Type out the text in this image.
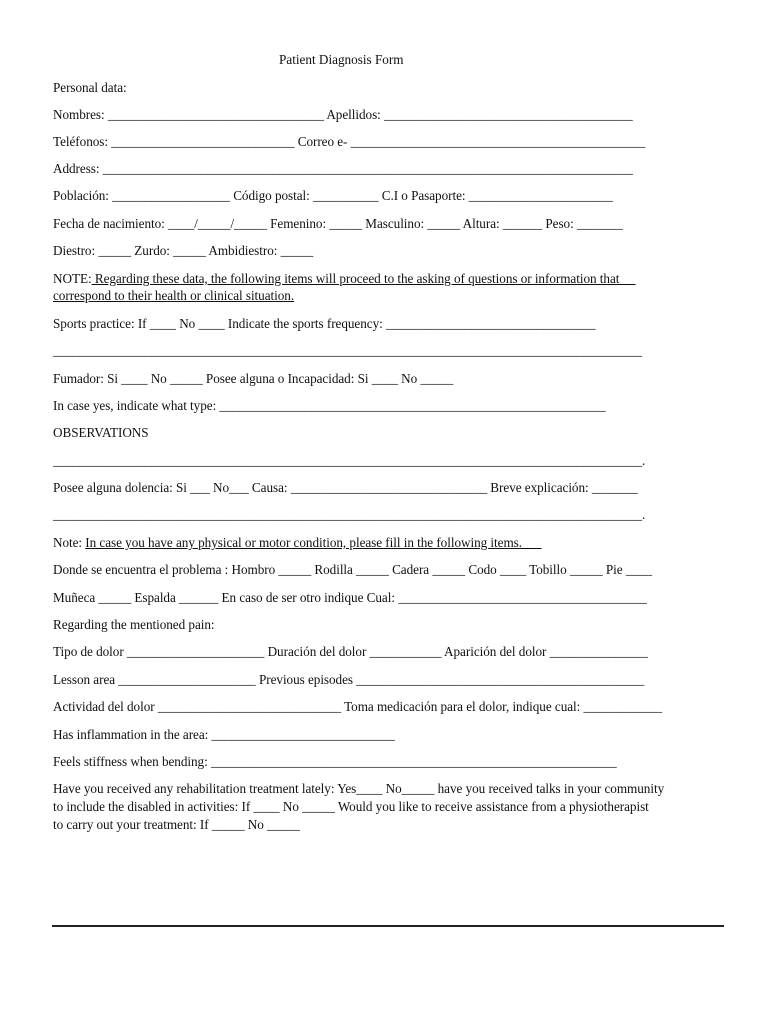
Patient Diagnosis Form
Personal data:
Nombres: _________________________________ Apellidos: ______________________________________
Teléfonos: ____________________________ Correo e- _____________________________________________
Address: _________________________________________________________________________________
Población: __________________ Código postal: __________ C.I o Pasaporte: ______________________
Fecha de nacimiento: ____/_____/_____ Femenino: _____ Masculino: _____ Altura: ______ Peso: _______
Diestro: _____ Zurdo: _____ Ambidiestro: _____
NOTE: Regarding these data, the following items will proceed to the asking of questions or information that
correspond to their health or clinical situation.
Sports practice: If ____ No ____ Indicate the sports frequency: ________________________________
__________________________________________________________________________________________
Fumador: Si ____ No _____ Posee alguna o Incapacidad: Si ____ No _____
In case yes, indicate what type: ___________________________________________________________
OBSERVATIONS
__________________________________________________________________________________________.
Posee alguna dolencia: Si ___ No___ Causa: ______________________________ Breve explicación: _______
__________________________________________________________________________________________.
Note: In case you have any physical or motor condition, please fill in the following items.
Donde se encuentra el problema : Hombro _____ Rodilla _____ Cadera _____ Codo ____ Tobillo _____ Pie ____
Muñeca _____ Espalda ______ En caso de ser otro indique Cual: ______________________________________
Regarding the mentioned pain:
Tipo de dolor _____________________ Duración del dolor ___________ Aparición del dolor _______________
Lesson area _____________________ Previous episodes ____________________________________________
Actividad del dolor ____________________________ Toma medicación para el dolor, indique cual: ____________
Has inflammation in the area: ____________________________
Feels stiffness when bending: ______________________________________________________________
Have you received any rehabilitation treatment lately: Yes____ No_____ have you received talks in your community
to include the disabled in activities: If ____ No _____ Would you like to receive assistance from a physiotherapist
to carry out your treatment: If _____ No _____
